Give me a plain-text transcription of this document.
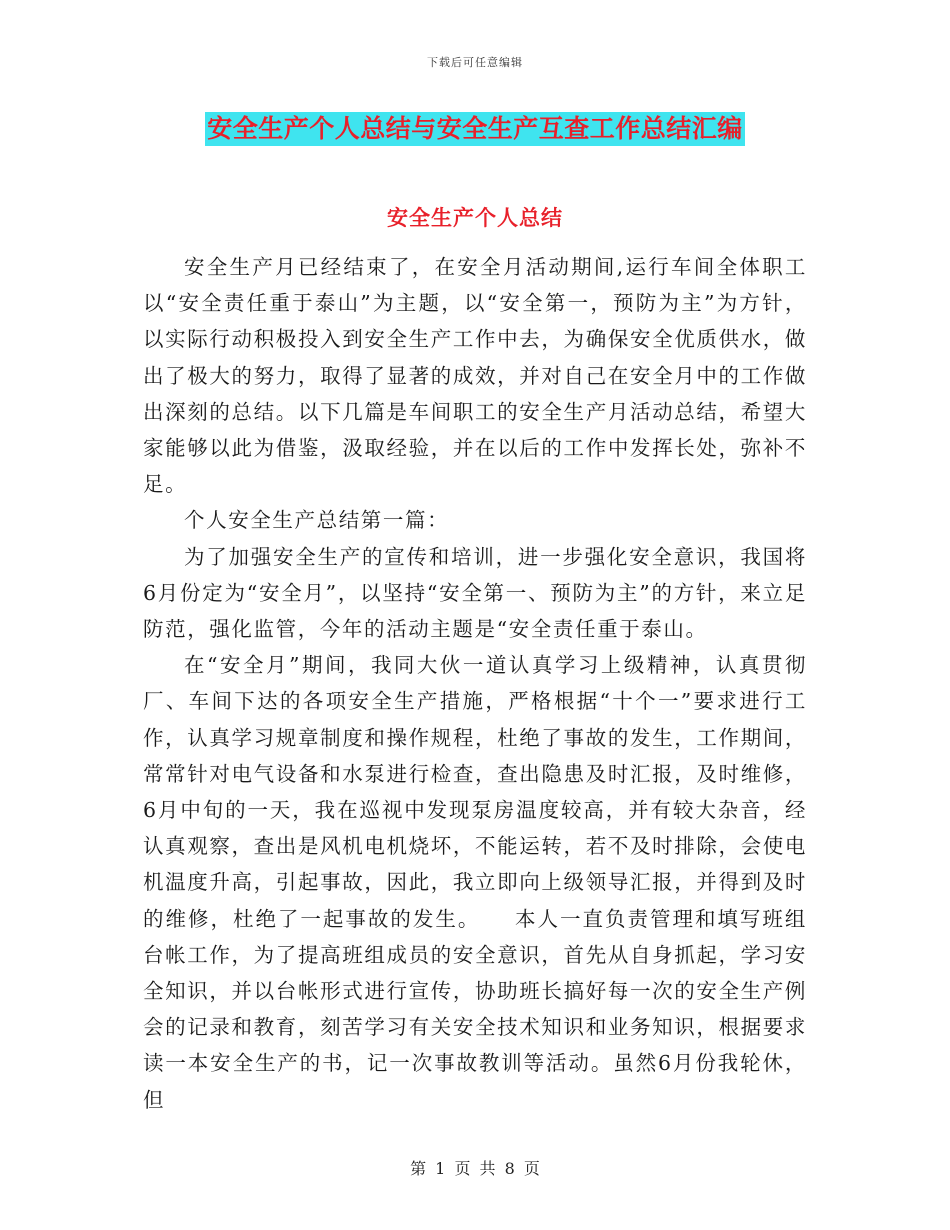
下载后可任意编辑
安全生产个人总结与安全生产互查工作总结汇编
安全生产个人总结

安全生产月已经结束了，在安全月活动期间,运行车间全体职工以“安全责任重于泰山”为主题，以“安全第一，预防为主”为方针，以实际行动积极投入到安全生产工作中去，为确保安全优质供水，做出了极大的努力，取得了显著的成效，并对自己在安全月中的工作做出深刻的总结。以下几篇是车间职工的安全生产月活动总结，希望大家能够以此为借鉴，汲取经验，并在以后的工作中发挥长处，弥补不足。

个人安全生产总结第一篇：

为了加强安全生产的宣传和培训，进一步强化安全意识，我国将6月份定为“安全月”，以坚持“安全第一、预防为主”的方针，来立足防范，强化监管，今年的活动主题是“安全责任重于泰山。

在“安全月”期间，我同大伙一道认真学习上级精神，认真贯彻厂、车间下达的各项安全生产措施，严格根据“十个一”要求进行工作，认真学习规章制度和操作规程，杜绝了事故的发生，工作期间，常常针对电气设备和水泵进行检查，查出隐患及时汇报，及时维修，6月中旬的一天，我在巡视中发现泵房温度较高，并有较大杂音，经认真观察，查出是风机电机烧坏，不能运转，若不及时排除，会使电机温度升高，引起事故，因此，我立即向上级领导汇报，并得到及时的维修，杜绝了一起事故的发生。　　本人一直负责管理和填写班组台帐工作，为了提高班组成员的安全意识，首先从自身抓起，学习安全知识，并以台帐形式进行宣传，协助班长搞好每一次的安全生产例会的记录和教育，刻苦学习有关安全技术知识和业务知识，根据要求读一本安全生产的书，记一次事故教训等活动。虽然6月份我轮休，但

第 1 页 共 8 页
